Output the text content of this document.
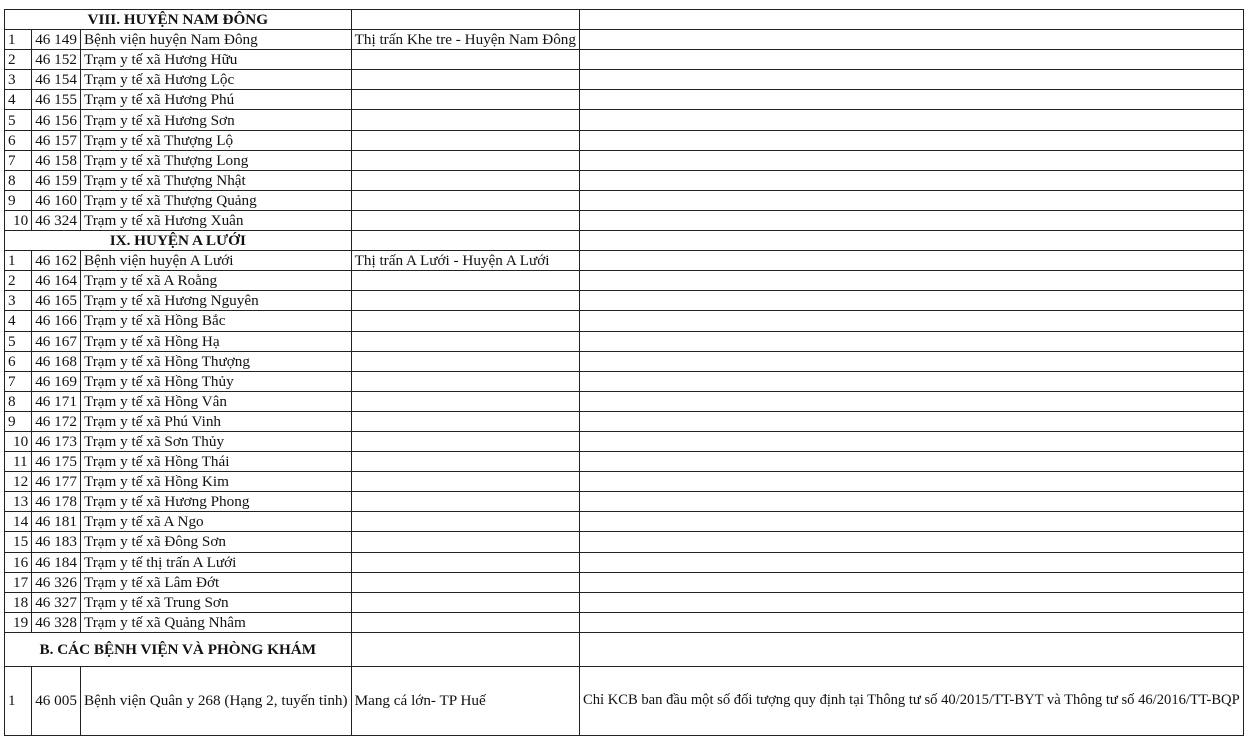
VIII. HUYỆN NAM ĐÔNG				
1	46 149	Bệnh viện huyện Nam Đông	Thị trấn Khe tre - Huyện Nam Đông	
2	46 152	Trạm y tế xã Hương Hữu		
3	46 154	Trạm y tế xã Hương Lộc		
4	46 155	Trạm y tế xã Hương Phú		
5	46 156	Trạm y tế xã Hương Sơn		
6	46 157	Trạm y tế xã Thượng Lộ		
7	46 158	Trạm y tế xã Thượng Long		
8	46 159	Trạm y tế xã Thượng Nhật		
9	46 160	Trạm y tế xã Thượng Quảng		
10	46 324	Trạm y tế xã Hương Xuân		
IX. HUYỆN A LƯỚI				
1	46 162	Bệnh viện huyện A Lưới	Thị trấn A Lưới - Huyện A Lưới	
2	46 164	Trạm y tế xã A Roằng		
3	46 165	Trạm y tế xã Hương Nguyên		
4	46 166	Trạm y tế xã Hồng Bắc		
5	46 167	Trạm y tế xã Hồng Hạ		
6	46 168	Trạm y tế xã Hồng Thượng		
7	46 169	Trạm y tế xã Hồng Thủy		
8	46 171	Trạm y tế xã Hồng Vân		
9	46 172	Trạm y tế xã Phú Vinh		
10	46 173	Trạm y tế xã Sơn Thủy		
11	46 175	Trạm y tế xã Hồng Thái		
12	46 177	Trạm y tế xã Hồng Kim		
13	46 178	Trạm y tế xã Hương Phong		
14	46 181	Trạm y tế xã A Ngo		
15	46 183	Trạm y tế xã Đông Sơn		
16	46 184	Trạm y tế thị trấn A Lưới		
17	46 326	Trạm y tế xã Lâm Đớt		
18	46 327	Trạm y tế xã Trung Sơn		
19	46 328	Trạm y tế xã Quảng Nhâm		
B. CÁC BỆNH VIỆN VÀ PHÒNG KHÁM				
1	46 005	Bệnh viện Quân y 268 (Hạng 2, tuyến tỉnh)	Mang cá lớn- TP Huế	Chỉ KCB ban đầu một số đối tượng quy định tại Thông tư số 40/2015/TT-BYT và Thông tư số 46/2016/TT-BQP
